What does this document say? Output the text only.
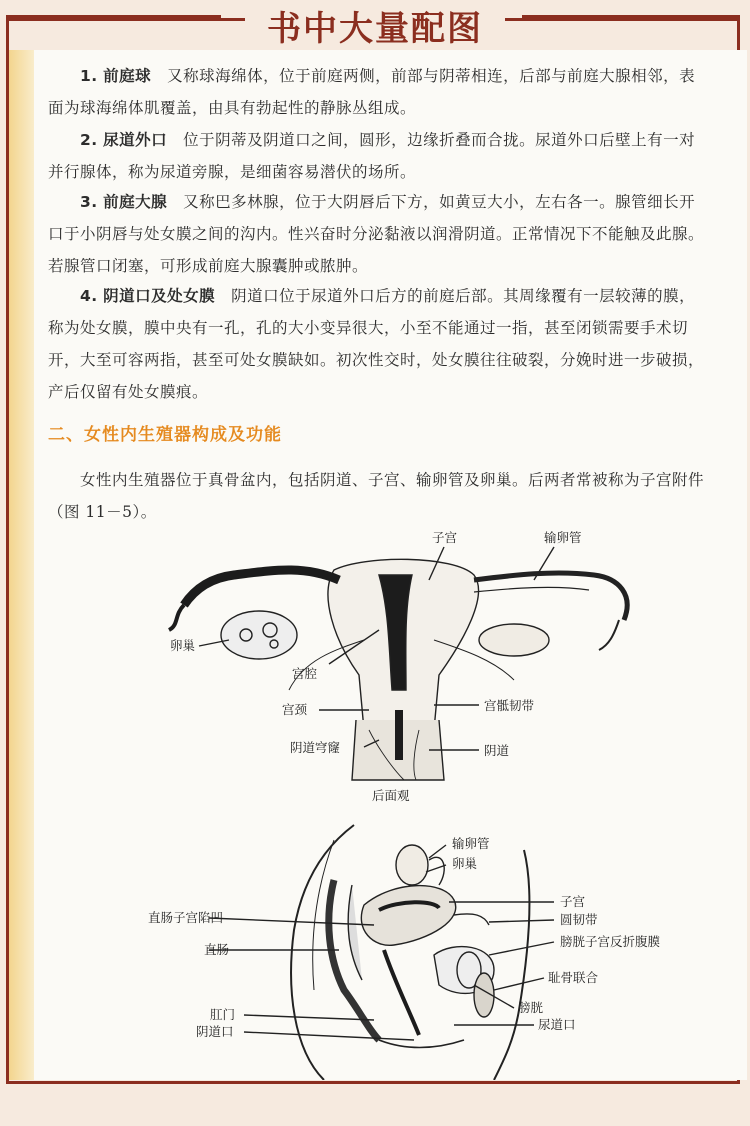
书中大量配图
1. 前庭球　 又称球海绵体，位于前庭两侧，前部与阴蒂相连，后部与前庭大腺相邻，表
面为球海绵体肌覆盖，由具有勃起性的静脉丛组成。
2. 尿道外口　 位于阴蒂及阴道口之间，圆形，边缘折叠而合拢。尿道外口后壁上有一对
并行腺体，称为尿道旁腺，是细菌容易潜伏的场所。
3. 前庭大腺　 又称巴多林腺，位于大阴唇后下方，如黄豆大小，左右各一。腺管细长开
口于小阴唇与处女膜之间的沟内。性兴奋时分泌黏液以润滑阴道。正常情况下不能触及此腺。
若腺管口闭塞，可形成前庭大腺囊肿或脓肿。
4. 阴道口及处女膜　 阴道口位于尿道外口后方的前庭后部。其周缘覆有一层较薄的膜，
称为处女膜，膜中央有一孔，孔的大小变异很大，小至不能通过一指，甚至闭锁需要手术切
开，大至可容两指，甚至可处女膜缺如。初次性交时，处女膜往往破裂，分娩时进一步破损，
产后仅留有处女膜痕。
二、女性内生殖器构成及功能
女性内生殖器位于真骨盆内，包括阴道、子宫、输卵管及卵巢。后两者常被称为子宫附件
（图 11－5）。
子宫	输卵管
卵巢
宫腔
宫颈	宫骶韧带
阴道穹窿	阴道
后面观
输卵管
卵巢
子宫
圆韧带
直肠子宫陷凹
膀胱子宫反折腹膜
直肠
耻骨联合
膀胱
肛门
尿道口
阴道口
